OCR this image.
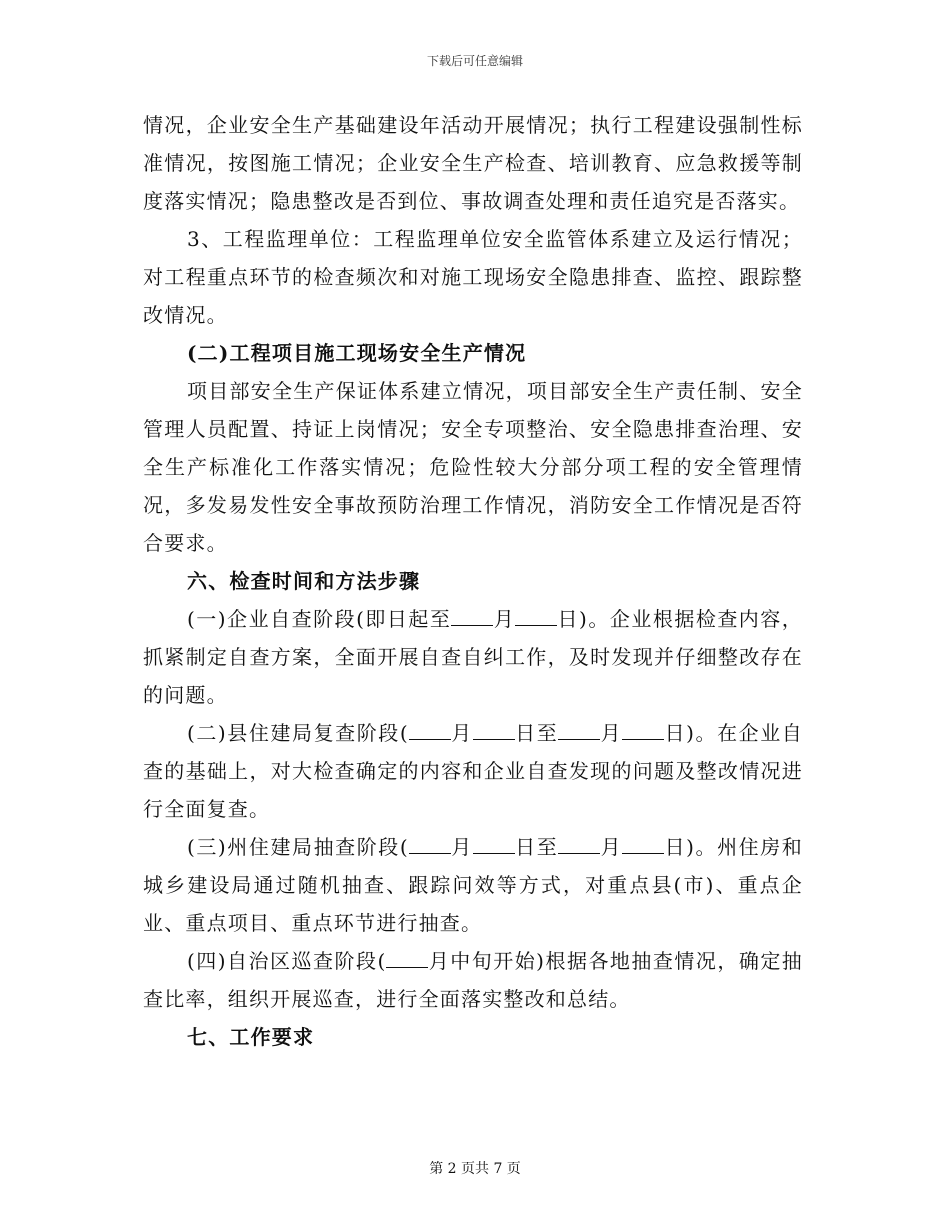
下载后可任意编辑

情况，企业安全生产基础建设年活动开展情况；执行工程建设强制性标准情况，按图施工情况；企业安全生产检查、培训教育、应急救援等制度落实情况；隐患整改是否到位、事故调查处理和责任追究是否落实。

3、工程监理单位：工程监理单位安全监管体系建立及运行情况；对工程重点环节的检查频次和对施工现场安全隐患排查、监控、跟踪整改情况。

(二)工程项目施工现场安全生产情况

项目部安全生产保证体系建立情况，项目部安全生产责任制、安全管理人员配置、持证上岗情况；安全专项整治、安全隐患排查治理、安全生产标准化工作落实情况；危险性较大分部分项工程的安全管理情况，多发易发性安全事故预防治理工作情况，消防安全工作情况是否符合要求。

六、检查时间和方法步骤

(一)企业自查阶段(即日起至 月 日)。企业根据检查内容，抓紧制定自查方案，全面开展自查自纠工作，及时发现并仔细整改存在的问题。

(二)县住建局复查阶段( 月 日至 月 日)。在企业自查的基础上，对大检查确定的内容和企业自查发现的问题及整改情况进行全面复查。

(三)州住建局抽查阶段( 月 日至 月 日)。州住房和城乡建设局通过随机抽查、跟踪问效等方式，对重点县(市)、重点企业、重点项目、重点环节进行抽查。

(四)自治区巡查阶段( 月中旬开始)根据各地抽查情况，确定抽查比率，组织开展巡查，进行全面落实整改和总结。

七、工作要求

第 2 页共 7 页
